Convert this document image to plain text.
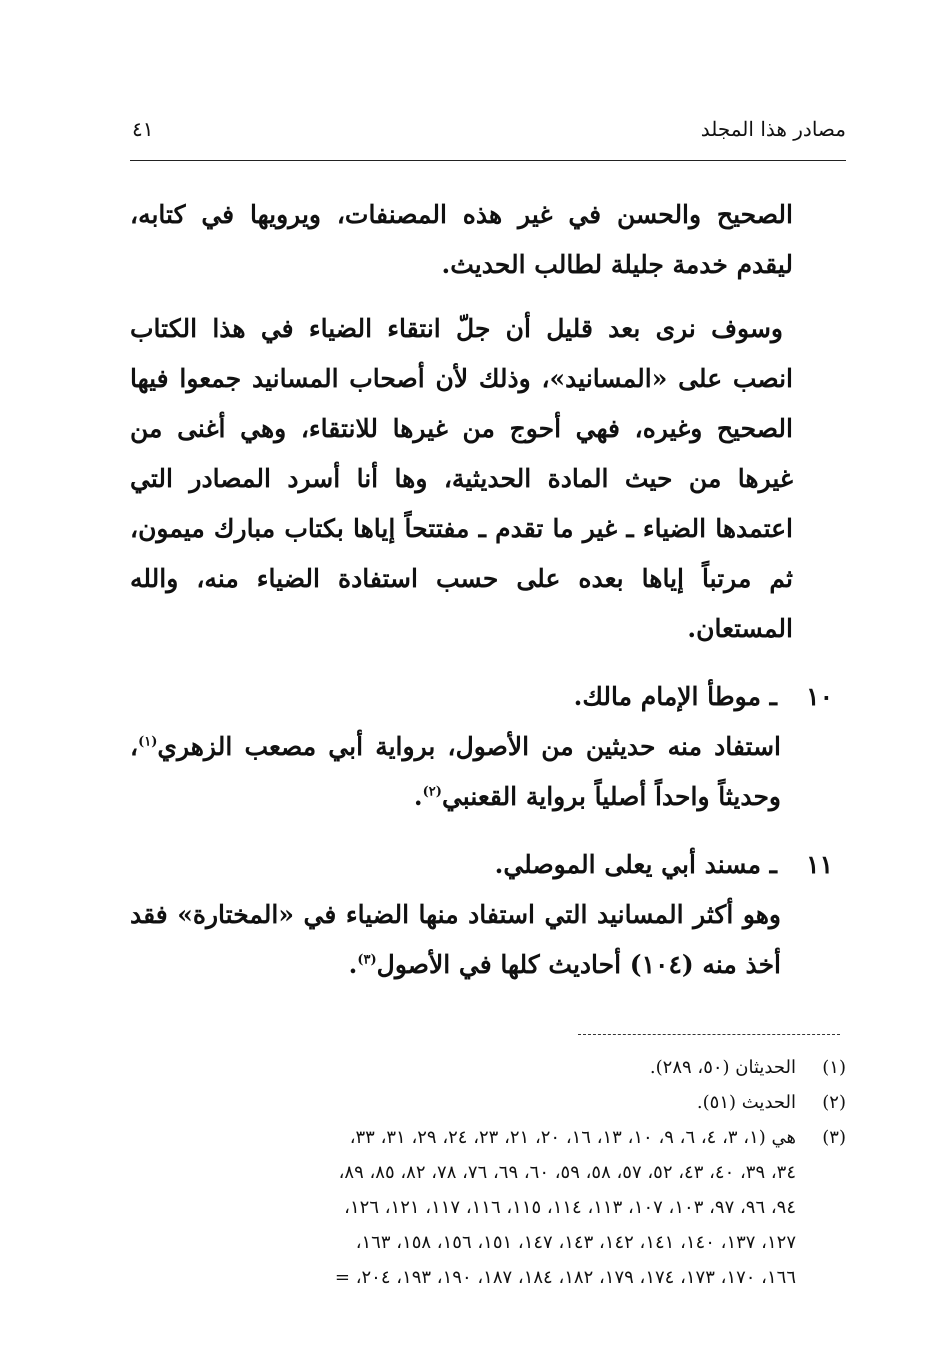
مصادر هذا المجلد
٤١

الصحيح والحسن في غير هذه المصنفات، ويرويها في كتابه، ليقدم خدمة جليلة لطالب الحديث.

وسوف نرى بعد قليل أن جلّ انتقاء الضياء في هذا الكتاب انصب على «المسانيد»، وذلك لأن أصحاب المسانيد جمعوا فيها الصحيح وغيره، فهي أحوج من غيرها للانتقاء، وهي أغنى من غيرها من حيث المادة الحديثية، وها أنا أسرد المصادر التي اعتمدها الضياء ـ غير ما تقدم ـ مفتتحاً إياها بكتاب مبارك ميمون، ثم مرتباً إياها بعده على حسب استفادة الضياء منه، والله المستعان.

١٠
ـ موطأ الإمام مالك.

استفاد منه حديثين من الأصول، برواية أبي مصعب الزهري$^{(١)}$، وحديثاً واحداً أصلياً برواية القعنبي$^{(٢)}$.

١١
ـ مسند أبي يعلى الموصلي.

وهو أكثر المسانيد التي استفاد منها الضياء في «المختارة» فقد أخذ منه (١٠٤) أحاديث كلها في الأصول$^{(٣)}$.

(١)
الحديثان (٥٠، ٢٨٩).
(٢)
الحديث (٥١).
(٣)
هي (١، ٣، ٤، ٦، ٩، ١٠، ١٣، ١٦، ٢٠، ٢١، ٢٣، ٢٤، ٢٩، ٣١، ٣٣،
٣٤، ٣٩، ٤٠، ٤٣، ٥٢، ٥٧، ٥٨، ٥٩، ٦٠، ٦٩، ٧٦، ٧٨، ٨٢، ٨٥، ٨٩،
٩٤، ٩٦، ٩٧، ١٠٣، ١٠٧، ١١٣، ١١٤، ١١٥، ١١٦، ١١٧، ١٢١، ١٢٦،
١٢٧، ١٣٧، ١٤٠، ١٤١، ١٤٢، ١٤٣، ١٤٧، ١٥١، ١٥٦، ١٥٨، ١٦٣،
١٦٦، ١٧٠، ١٧٣، ١٧٤، ١٧٩، ١٨٢، ١٨٤، ١٨٧، ١٩٠، ١٩٣، ٢٠٤، =
